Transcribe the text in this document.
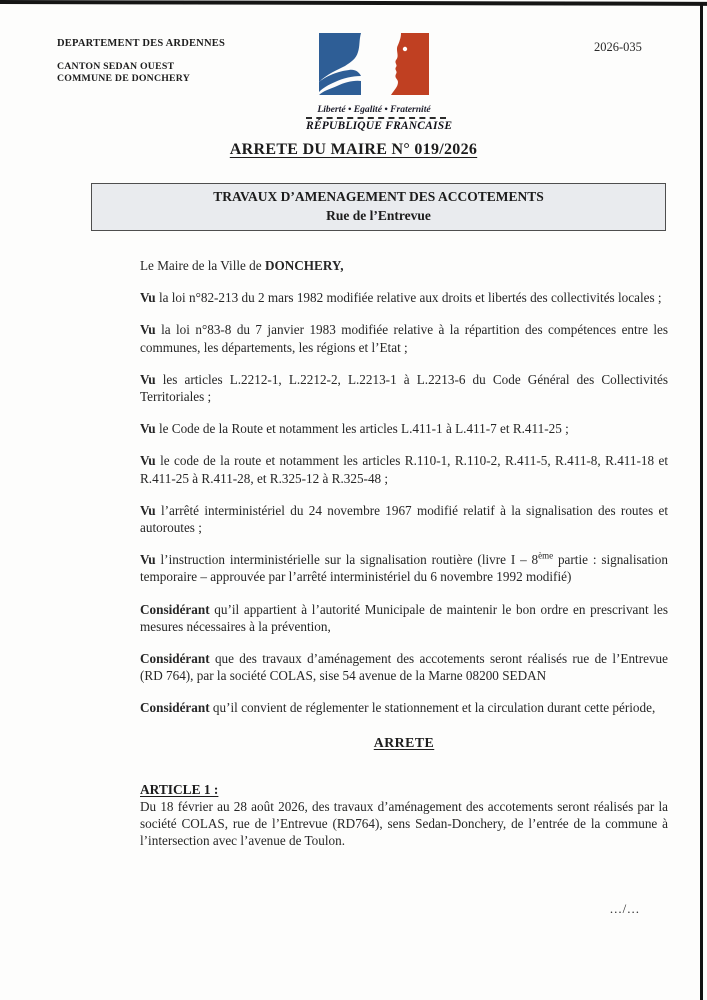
DEPARTEMENT DES ARDENNES
CANTON SEDAN OUEST
COMMUNE DE DONCHERY
Liberté • Egalité • Fraternité
RÉPUBLIQUE FRANCAISE
2026-035
ARRETE DU MAIRE N° 019/2026
TRAVAUX D’AMENAGEMENT DES ACCOTEMENTS
Rue de l’Entrevue

Le Maire de la Ville de DONCHERY,

Vu la loi n°82-213 du 2 mars 1982 modifiée relative aux droits et libertés des collectivités locales ;

Vu la loi n°83-8 du 7 janvier 1983 modifiée relative à la répartition des compétences entre les communes, les départements, les régions et l’Etat ;

Vu les articles L.2212-1, L.2212-2, L.2213-1 à L.2213-6 du Code Général des Collectivités Territoriales ;

Vu le Code de la Route et notamment les articles L.411-1 à L.411-7 et R.411-25 ;

Vu le code de la route et notamment les articles R.110-1, R.110-2, R.411-5, R.411-8, R.411-18 et R.411-25 à R.411-28, et R.325-12 à R.325-48 ;

Vu l’arrêté interministériel du 24 novembre 1967 modifié relatif à la signalisation des routes et autoroutes ;

Vu l’instruction interministérielle sur la signalisation routière (livre I – 8ème partie : signalisation temporaire – approuvée par l’arrêté interministériel du 6 novembre 1992 modifié)

Considérant qu’il appartient à l’autorité Municipale de maintenir le bon ordre en prescrivant les mesures nécessaires à la prévention,

Considérant que des travaux d’aménagement des accotements seront réalisés rue de l’Entrevue (RD 764), par la société COLAS, sise 54 avenue de la Marne 08200 SEDAN

Considérant qu’il convient de réglementer le stationnement et la circulation durant cette période,

ARRETE
ARTICLE 1 :

Du 18 février au 28 août 2026, des travaux d’aménagement des accotements seront réalisés par la société COLAS, rue de l’Entrevue (RD764), sens Sedan-Donchery, de l’entrée de la commune à l’intersection avec l’avenue de Toulon.

.../...
